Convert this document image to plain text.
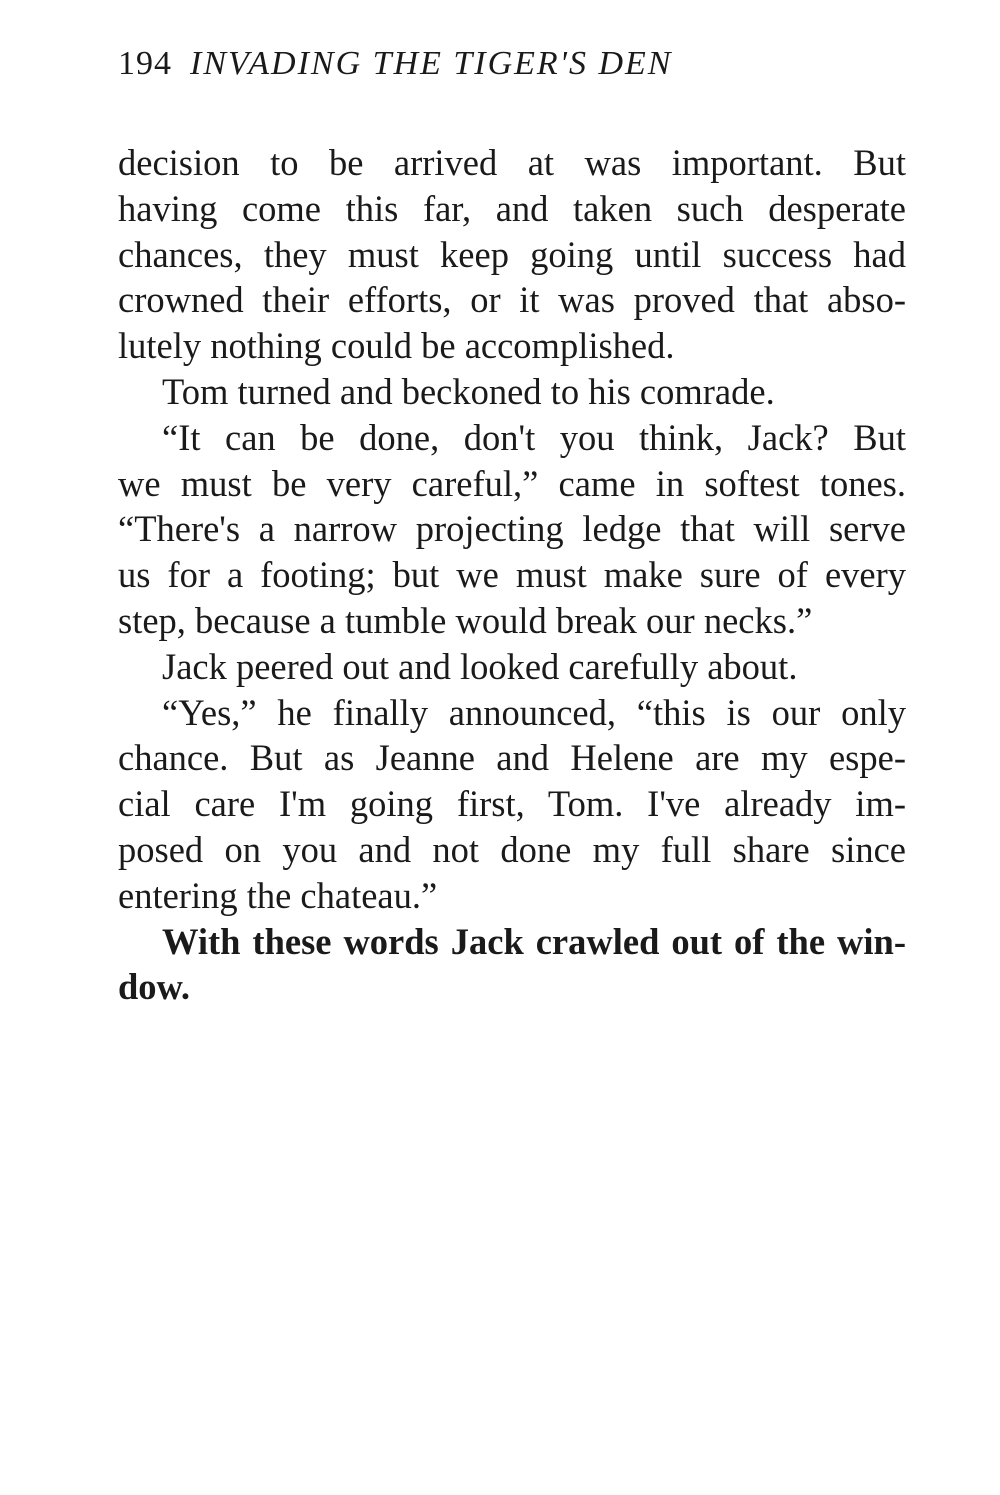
194 INVADING THE TIGER'S DEN
decision to be arrived at was important. But
having come this far, and taken such desperate
chances, they must keep going until success had
crowned their efforts, or it was proved that abso-
lutely nothing could be accomplished.
Tom turned and beckoned to his comrade.
“It can be done, don't you think, Jack? But
we must be very careful,” came in softest tones.
“There's a narrow projecting ledge that will serve
us for a footing; but we must make sure of every
step, because a tumble would break our necks.”
Jack peered out and looked carefully about.
“Yes,” he finally announced, “this is our only
chance. But as Jeanne and Helene are my espe-
cial care I'm going first, Tom. I've already im-
posed on you and not done my full share since
entering the chateau.”
With these words Jack crawled out of the win-
dow.
